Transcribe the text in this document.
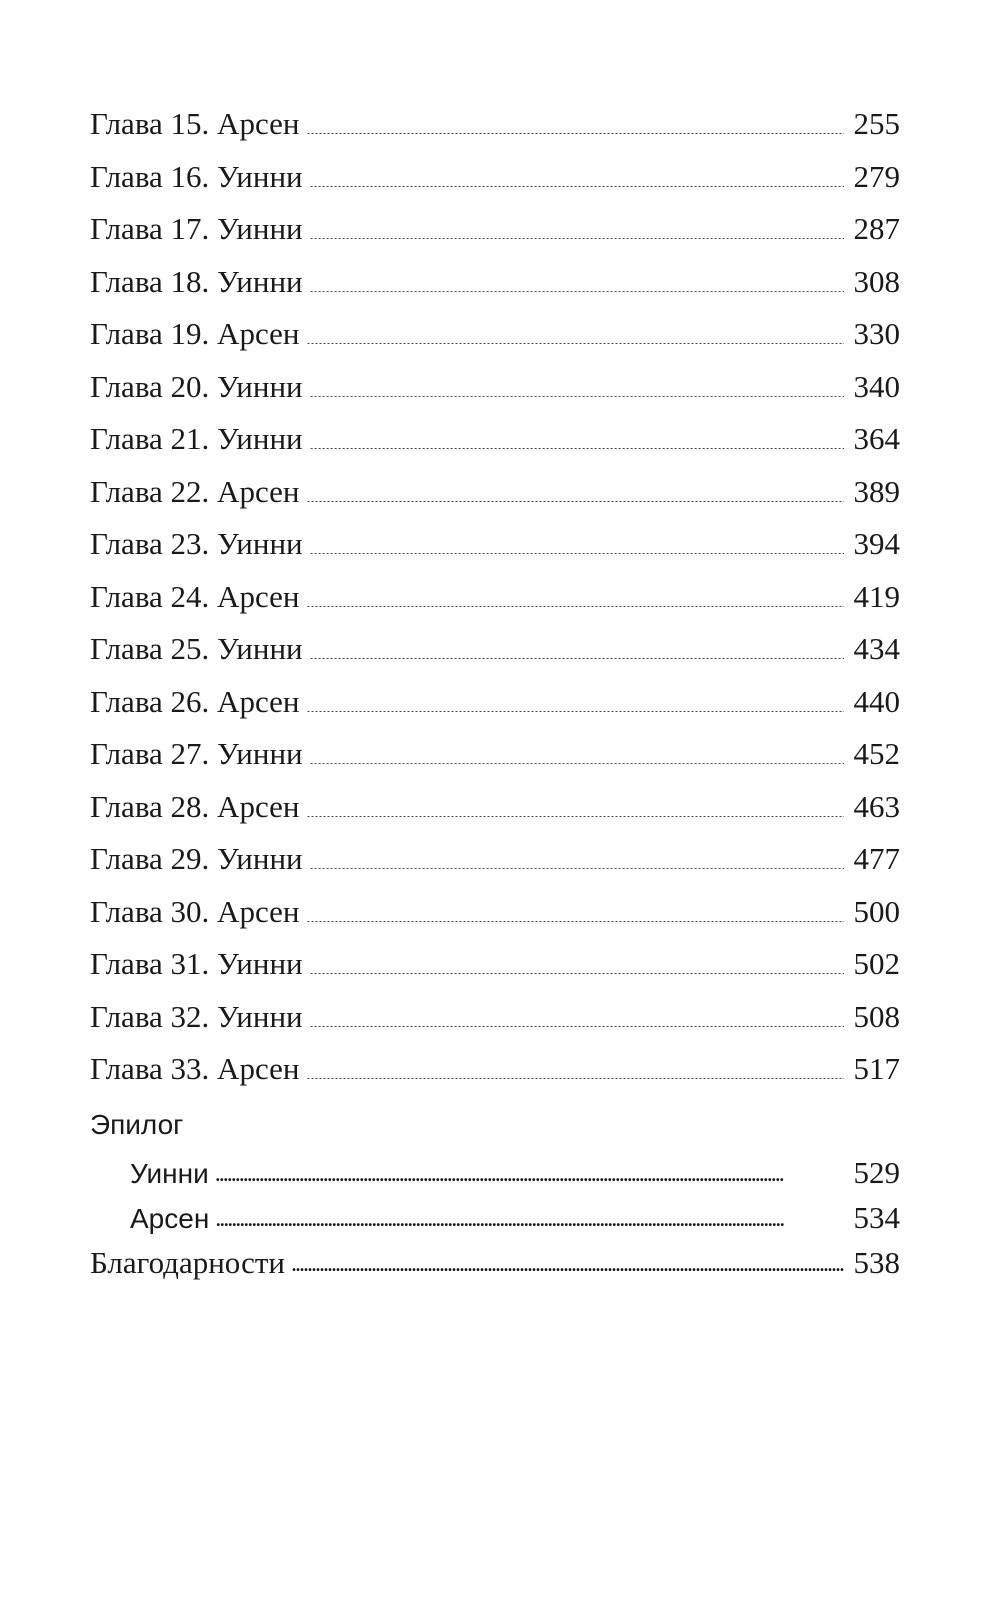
Глава 15. Арсен . . .	255
Глава 16. Уинни . . .	279
Глава 17. Уинни . . .	287
Глава 18. Уинни . . .	308
Глава 19. Арсен . . .	330
Глава 20. Уинни . . .	340
Глава 21. Уинни . . .	364
Глава 22. Арсен . . .	389
Глава 23. Уинни . . .	394
Глава 24. Арсен . . .	419
Глава 25. Уинни . . .	434
Глава 26. Арсен . . .	440
Глава 27. Уинни . . .	452
Глава 28. Арсен . . .	463
Глава 29. Уинни . . .	477
Глава 30. Арсен . . .	500
Глава 31. Уинни . . .	502
Глава 32. Уинни . . .	508
Глава 33. Арсен . . .	517
Эпилог
Уинни . . .	529
Арсен . . .	534
Благодарности . . .	538
